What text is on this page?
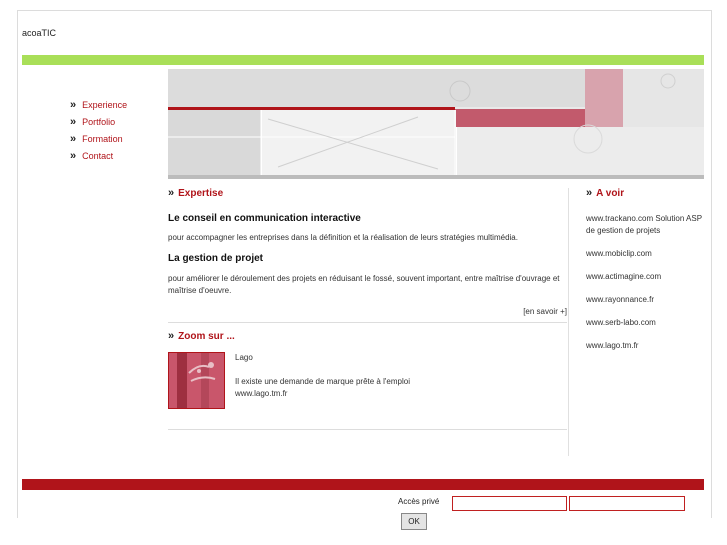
acoaTIC
» Experience
» Portfolio
» Formation
» Contact
» Expertise
Le conseil en communication interactive

pour accompagner les entreprises dans la définition et la réalisation de leurs stratégies multimédia.

La gestion de projet

pour améliorer le déroulement des projets en réduisant le fossé, souvent important, entre maîtrise d'ouvrage et maîtrise d'oeuvre.

[en savoir +]
» Zoom sur ...
Lago
Il existe une demande de marque prête à l'emploi
www.lago.tm.fr
» A voir
www.trackano.com Solution ASP de gestion de projets
www.mobiclip.com
www.actimagine.com
www.rayonnance.fr
www.serb-labo.com
www.lago.tm.fr
Accès privé
OK
